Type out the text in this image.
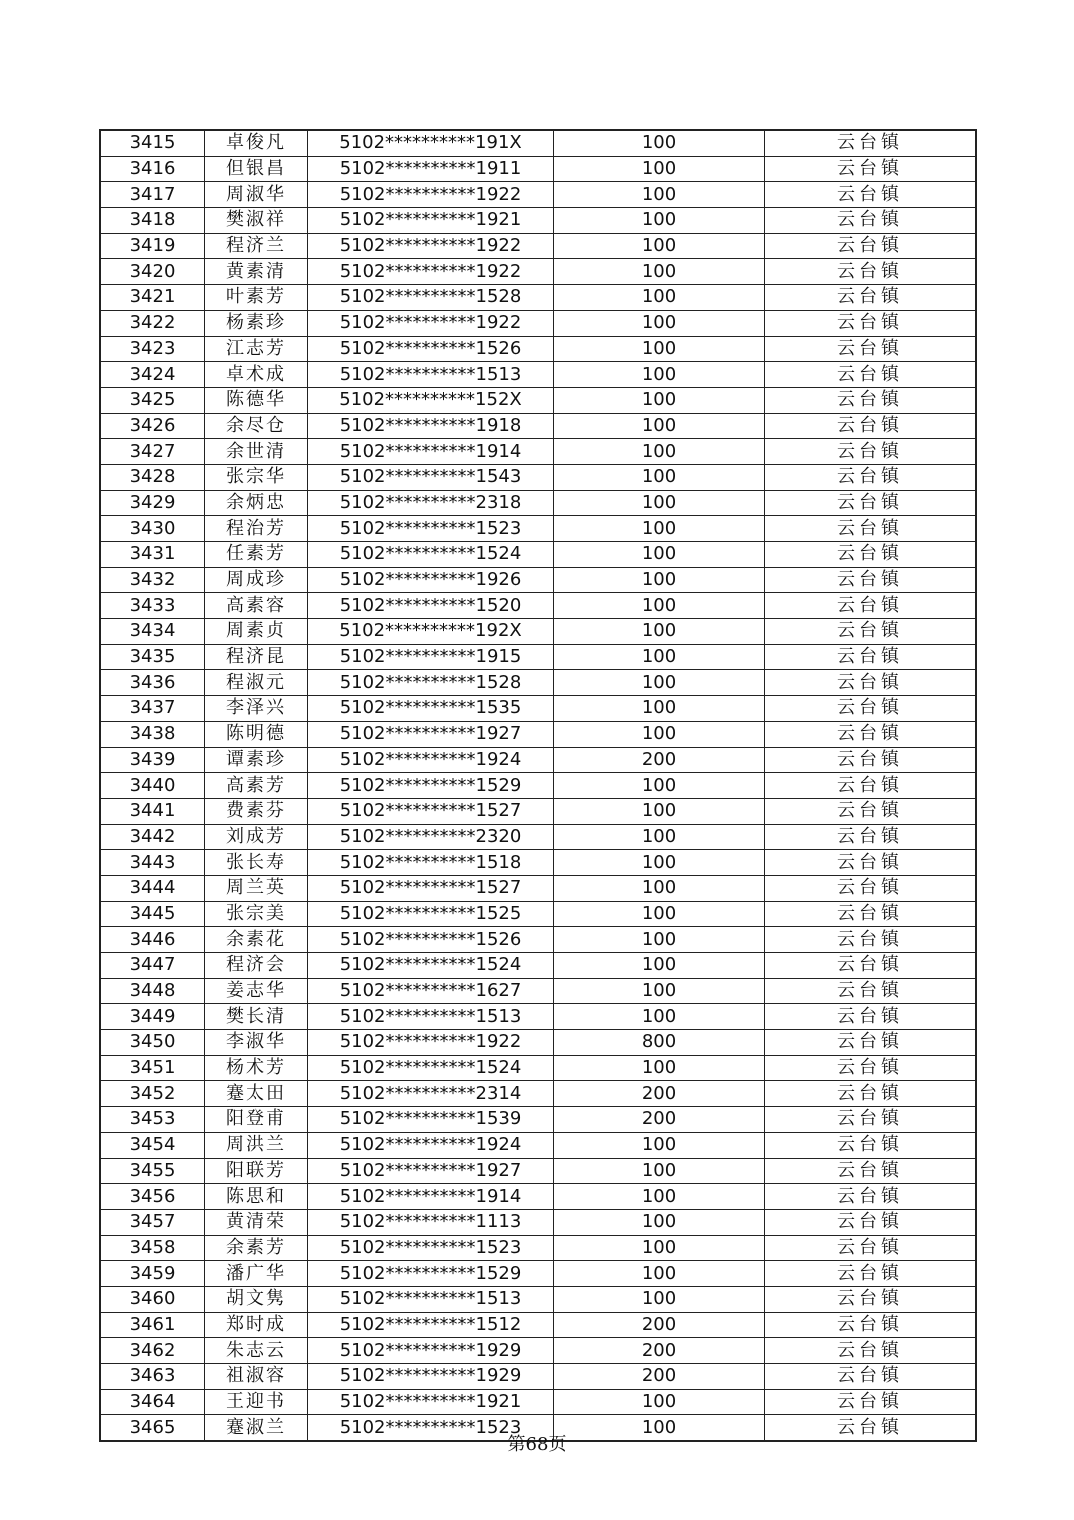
3415	卓俊凡	5102**********191X	100	云台镇
3416	但银昌	5102**********1911	100	云台镇
3417	周淑华	5102**********1922	100	云台镇
3418	樊淑祥	5102**********1921	100	云台镇
3419	程济兰	5102**********1922	100	云台镇
3420	黄素清	5102**********1922	100	云台镇
3421	叶素芳	5102**********1528	100	云台镇
3422	杨素珍	5102**********1922	100	云台镇
3423	江志芳	5102**********1526	100	云台镇
3424	卓术成	5102**********1513	100	云台镇
3425	陈德华	5102**********152X	100	云台镇
3426	余尽仓	5102**********1918	100	云台镇
3427	余世清	5102**********1914	100	云台镇
3428	张宗华	5102**********1543	100	云台镇
3429	余炳忠	5102**********2318	100	云台镇
3430	程治芳	5102**********1523	100	云台镇
3431	任素芳	5102**********1524	100	云台镇
3432	周成珍	5102**********1926	100	云台镇
3433	高素容	5102**********1520	100	云台镇
3434	周素贞	5102**********192X	100	云台镇
3435	程济昆	5102**********1915	100	云台镇
3436	程淑元	5102**********1528	100	云台镇
3437	李泽兴	5102**********1535	100	云台镇
3438	陈明德	5102**********1927	100	云台镇
3439	谭素珍	5102**********1924	200	云台镇
3440	高素芳	5102**********1529	100	云台镇
3441	费素芬	5102**********1527	100	云台镇
3442	刘成芳	5102**********2320	100	云台镇
3443	张长寿	5102**********1518	100	云台镇
3444	周兰英	5102**********1527	100	云台镇
3445	张宗美	5102**********1525	100	云台镇
3446	余素花	5102**********1526	100	云台镇
3447	程济会	5102**********1524	100	云台镇
3448	姜志华	5102**********1627	100	云台镇
3449	樊长清	5102**********1513	100	云台镇
3450	李淑华	5102**********1922	800	云台镇
3451	杨术芳	5102**********1524	100	云台镇
3452	蹇太田	5102**********2314	200	云台镇
3453	阳登甫	5102**********1539	200	云台镇
3454	周洪兰	5102**********1924	100	云台镇
3455	阳联芳	5102**********1927	100	云台镇
3456	陈思和	5102**********1914	100	云台镇
3457	黄清荣	5102**********1113	100	云台镇
3458	余素芳	5102**********1523	100	云台镇
3459	潘广华	5102**********1529	100	云台镇
3460	胡文隽	5102**********1513	100	云台镇
3461	郑时成	5102**********1512	200	云台镇
3462	朱志云	5102**********1929	200	云台镇
3463	祖淑容	5102**********1929	200	云台镇
3464	王迎书	5102**********1921	100	云台镇
3465	蹇淑兰	5102**********1523	100	云台镇
第68页
